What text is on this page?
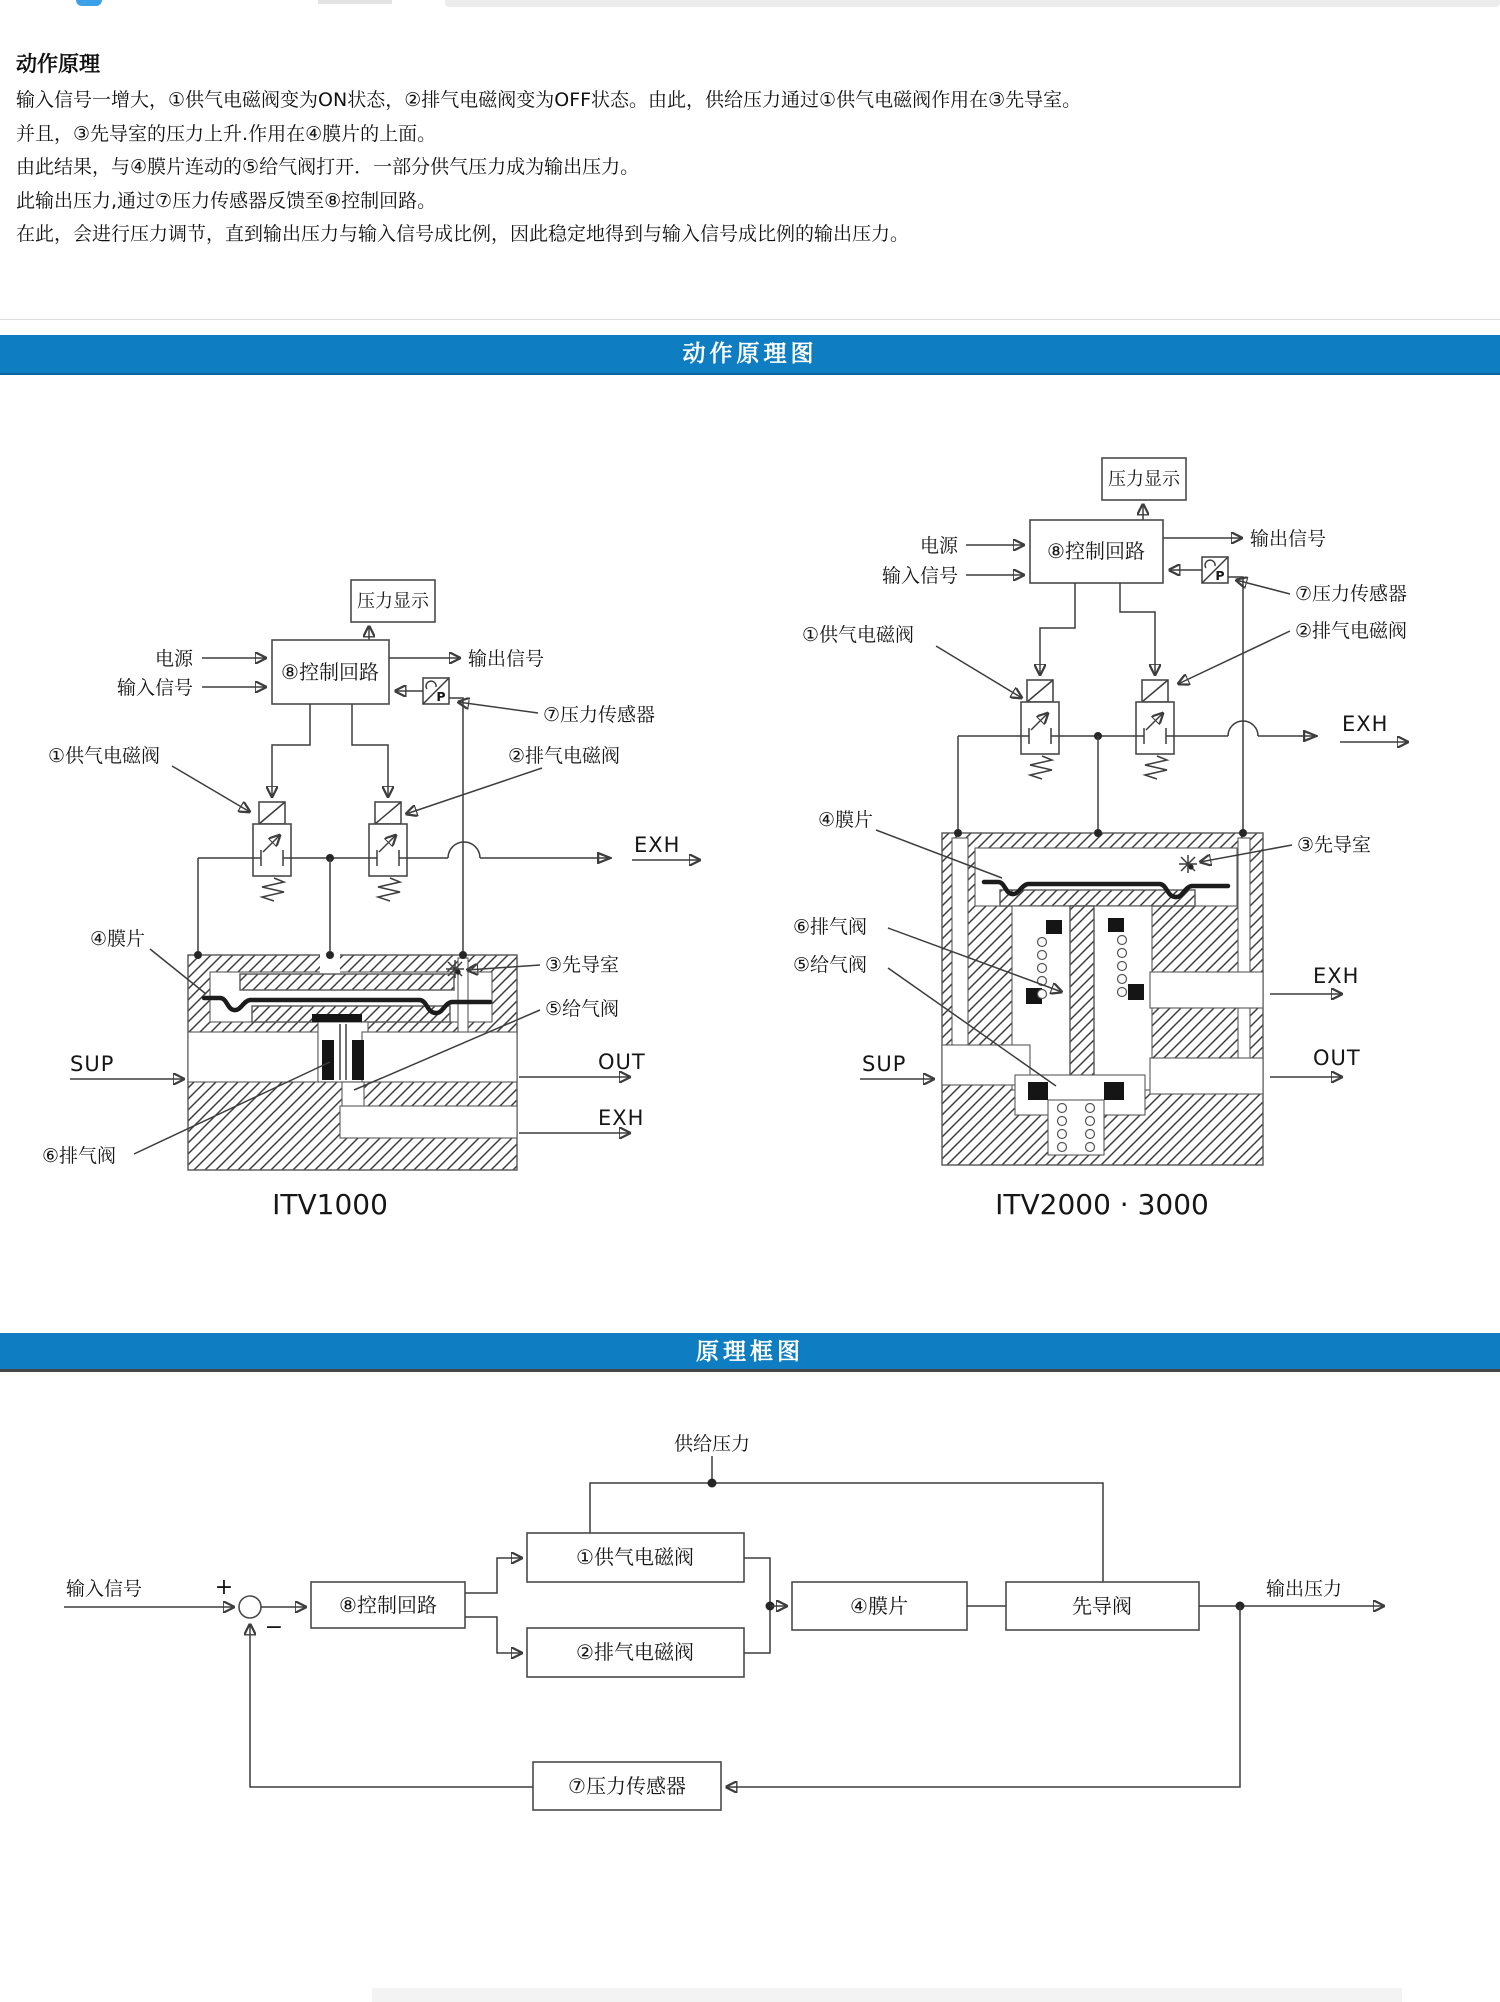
动作原理
输入信号一增大，①供气电磁阀变为ON状态，②排气电磁阀变为OFF状态。由此，供给压力通过①供气电磁阀作用在③先导室。
并且，③先导室的压力上升.作用在④膜片的上面。
由此结果，与④膜片连动的⑤给气阀打开．一部分供气压力成为输出压力。
此输出压力,通过⑦压力传感器反馈至⑧控制回路。
在此，会进行压力调节，直到输出压力与输入信号成比例，因此稳定地得到与输入信号成比例的输出压力。
动作原理图
原理框图
压力显示
⑧控制回路
电源
输入信号
输出信号
P
⑦压力传感器
①供气电磁阀	②排气电磁阀
EXH
④膜片
③先导室
⑤给气阀
⑥排气阀
SUP	OUT
EXH
ITV1000
压力显示
⑧控制回路
电源
输入信号
输出信号
P
⑦压力传感器
②排气电磁阀
①供气电磁阀
EXH
④膜片
③先导室
⑥排气阀
⑤给气阀
SUP
EXH
OUT
ITV2000 · 3000
供给压力
输入信号	+
−
⑧控制回路
①供气电磁阀
②排气电磁阀
④膜片	先导阀
输出压力
⑦压力传感器
